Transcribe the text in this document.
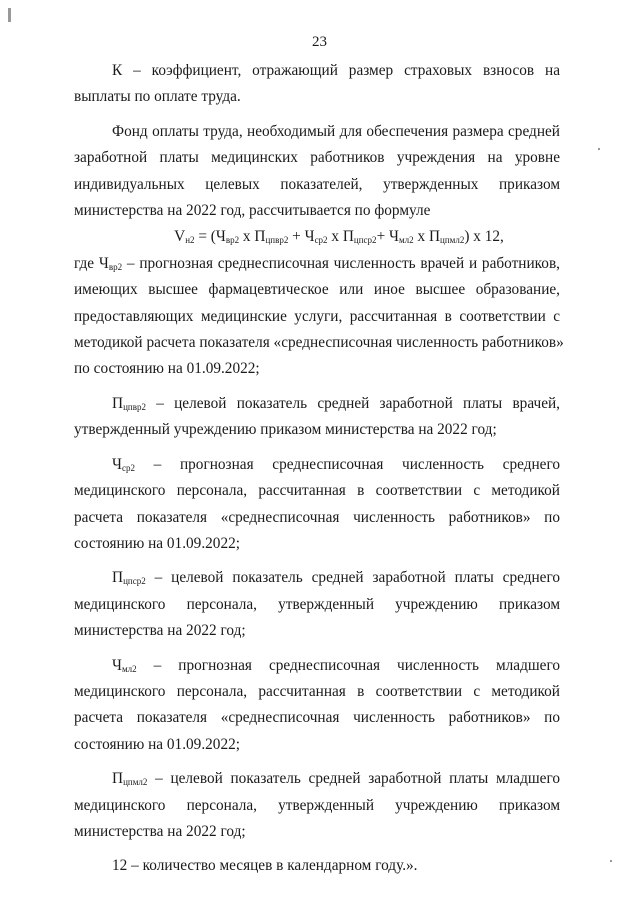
23
К – коэффициент, отражающий размер страховых взносов на
выплаты по оплате труда.
Фонд оплаты труда, необходимый для обеспечения размера средней
заработной платы медицинских работников учреждения на уровне
индивидуальных целевых показателей, утвержденных приказом
министерства на 2022 год, рассчитывается по формуле
$V_{н2} = (Ч_{вр2}$ х $П_{цпвр2} + Ч_{ср2}$ х $П_{цпср2}+ Ч_{мл2}$ х $П_{цпмл2}$) х 12,
где $Ч_{вр2}$ – прогнозная среднесписочная численность врачей и работников,
имеющих высшее фармацевтическое или иное высшее образование,
предоставляющих медицинские услуги, рассчитанная в соответствии с
методикой расчета показателя «среднесписочная численность работников»
по состоянию на 01.09.2022;
$П_{цпвр2}$ – целевой показатель средней заработной платы врачей,
утвержденный учреждению приказом министерства на 2022 год;
$Ч_{ср2}$ – прогнозная среднесписочная численность среднего
медицинского персонала, рассчитанная в соответствии с методикой
расчета показателя «среднесписочная численность работников» по
состоянию на 01.09.2022;
$П_{цпср2}$ – целевой показатель средней заработной платы среднего
медицинского персонала, утвержденный учреждению приказом
министерства на 2022 год;
$Ч_{мл2}$ – прогнозная среднесписочная численность младшего
медицинского персонала, рассчитанная в соответствии с методикой
расчета показателя «среднесписочная численность работников» по
состоянию на 01.09.2022;
$П_{цпмл2}$ – целевой показатель средней заработной платы младшего
медицинского персонала, утвержденный учреждению приказом
министерства на 2022 год;
12 – количество месяцев в календарном году.».
